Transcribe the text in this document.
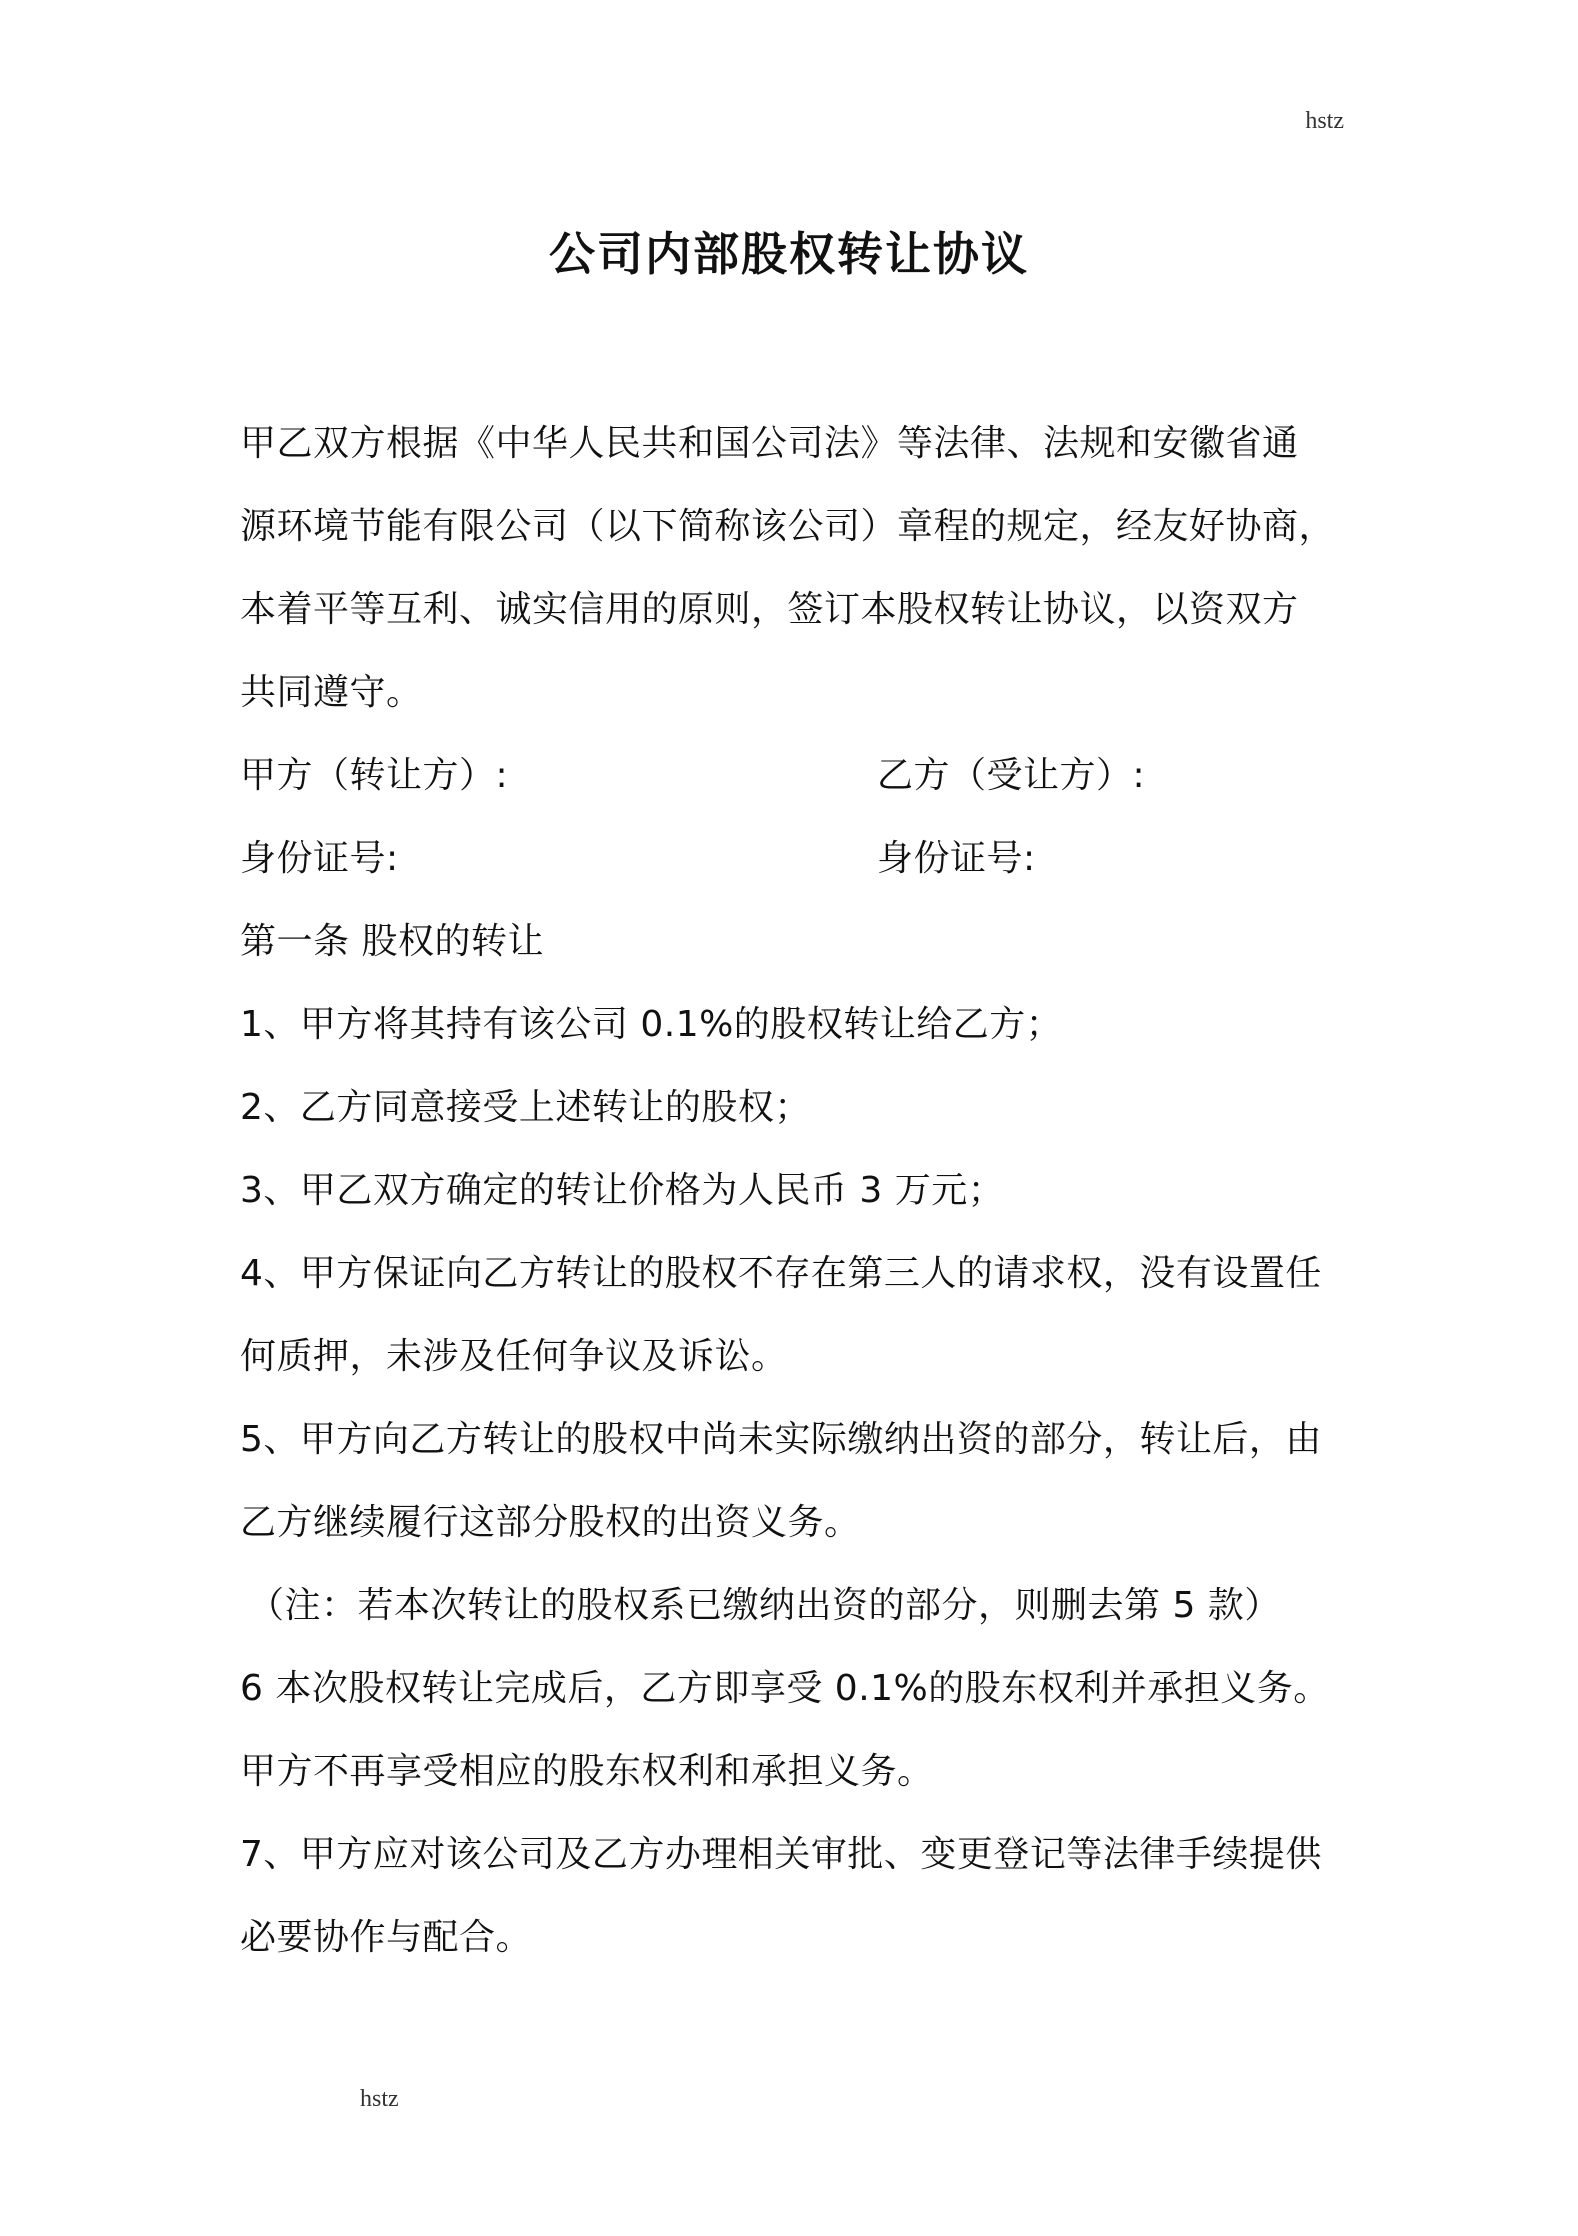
hstz
公司内部股权转让协议
甲乙双方根据《中华人民共和国公司法》等法律、法规和安徽省通
源环境节能有限公司（以下简称该公司）章程的规定，经友好协商，
本着平等互利、诚实信用的原则，签订本股权转让协议，以资双方
共同遵守。
甲方（转让方）:	乙方（受让方）:
身份证号:	身份证号:
第一条 股权的转让
1、甲方将其持有该公司 0.1%的股权转让给乙方；
2、乙方同意接受上述转让的股权；
3、甲乙双方确定的转让价格为人民币 3 万元；
4、甲方保证向乙方转让的股权不存在第三人的请求权，没有设置任
何质押，未涉及任何争议及诉讼。
5、甲方向乙方转让的股权中尚未实际缴纳出资的部分，转让后，由
乙方继续履行这部分股权的出资义务。
（注：若本次转让的股权系已缴纳出资的部分，则删去第 5 款）
6 本次股权转让完成后，乙方即享受 0.1%的股东权利并承担义务。
甲方不再享受相应的股东权利和承担义务。
7、甲方应对该公司及乙方办理相关审批、变更登记等法律手续提供
必要协作与配合。
hstz
